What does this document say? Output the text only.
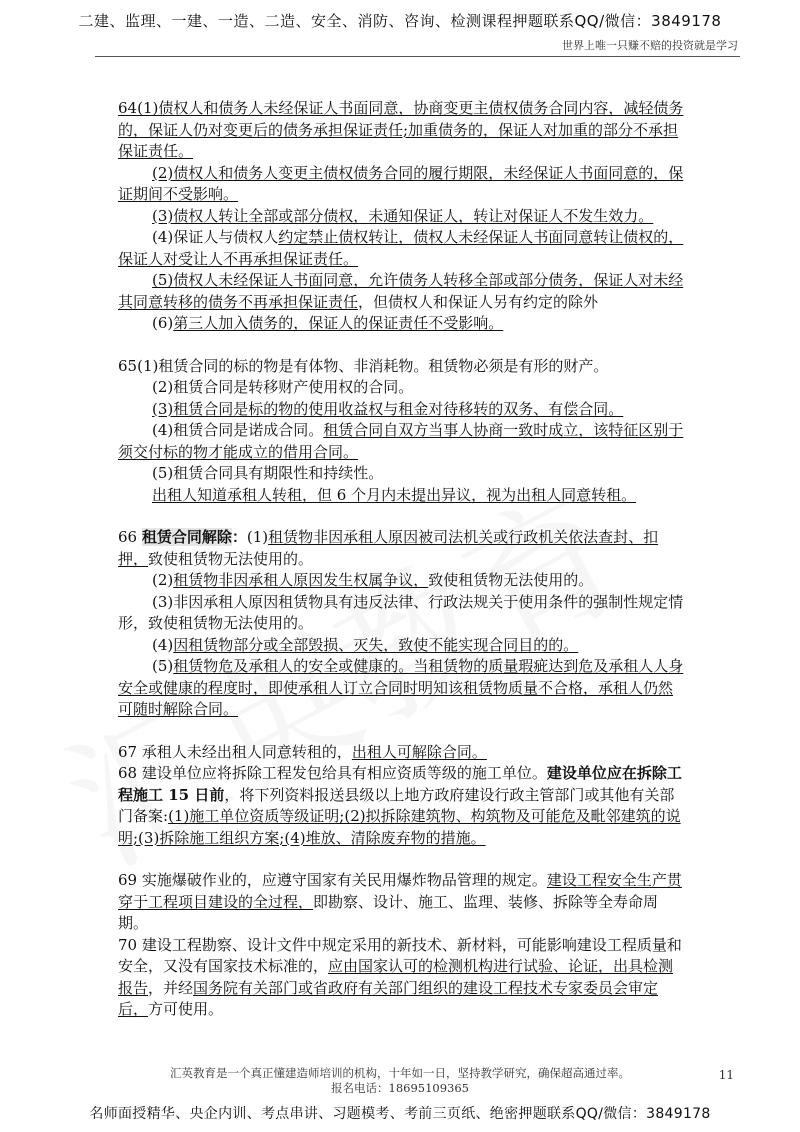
二建、监理、一建、一造、二造、安全、消防、咨询、检测课程押题联系QQ/微信：3849178
世界上唯一只赚不赔的投资就是学习

64(1)债权人和债务人未经保证人书面同意，协商变更主债权债务合同内容，减轻债务的，保证人仍对变更后的债务承担保证责任;加重债务的，保证人对加重的部分不承担保证责任。

(2)债权人和债务人变更主债权债务合同的履行期限，未经保证人书面同意的，保证期间不受影响。

(3)债权人转让全部或部分债权，未通知保证人，转让对保证人不发生效力。

(4)保证人与债权人约定禁止债权转让，债权人未经保证人书面同意转让债权的，保证人对受让人不再承担保证责任。

(5)债权人未经保证人书面同意，允许债务人转移全部或部分债务，保证人对未经其同意转移的债务不再承担保证责任，但债权人和保证人另有约定的除外

(6)第三人加入债务的，保证人的保证责任不受影响。

65(1)租赁合同的标的物是有体物、非消耗物。租赁物必须是有形的财产。

(2)租赁合同是转移财产使用权的合同。

(3)租赁合同是标的物的使用收益权与租金对待移转的双务、有偿合同。

(4)租赁合同是诺成合同。租赁合同自双方当事人协商一致时成立，该特征区别于须交付标的物才能成立的借用合同。

(5)租赁合同具有期限性和持续性。

出租人知道承租人转租，但 6 个月内未提出异议，视为出租人同意转租。

66 租赁合同解除：(1)租赁物非因承租人原因被司法机关或行政机关依法查封、扣押，致使租赁物无法使用的。

(2)租赁物非因承租人原因发生权属争议，致使租赁物无法使用的。

(3)非因承租人原因租赁物具有违反法律、行政法规关于使用条件的强制性规定情形，致使租赁物无法使用的。

(4)因租赁物部分或全部毁损、灭失，致使不能实现合同目的的。

(5)租赁物危及承租人的安全或健康的。当租赁物的质量瑕疵达到危及承租人人身安全或健康的程度时，即使承租人订立合同时明知该租赁物质量不合格，承租人仍然可随时解除合同。

67 承租人未经出租人同意转租的，出租人可解除合同。

68 建设单位应将拆除工程发包给具有相应资质等级的施工单位。建设单位应在拆除工程施工 15 日前，将下列资料报送县级以上地方政府建设行政主管部门或其他有关部门备案:(1)施工单位资质等级证明;(2)拟拆除建筑物、构筑物及可能危及毗邻建筑的说明;(3)拆除施工组织方案;(4)堆放、清除废弃物的措施。

69 实施爆破作业的，应遵守国家有关民用爆炸物品管理的规定。建设工程安全生产贯穿于工程项目建设的全过程，即勘察、设计、施工、监理、装修、拆除等全寿命周期。

70 建设工程勘察、设计文件中规定采用的新技术、新材料，可能影响建设工程质量和安全，又没有国家技术标准的，应由国家认可的检测机构进行试验、论证，出具检测报告，并经国务院有关部门或省政府有关部门组织的建设工程技术专家委员会审定后，方可使用。

汇英教育是一个真正懂建造师培训的机构，十年如一日，坚持教学研究，确保超高通过率。
报名电话：18695109365
11
名师面授精华、央企内训、考点串讲、习题模考、考前三页纸、绝密押题联系QQ/微信：3849178
